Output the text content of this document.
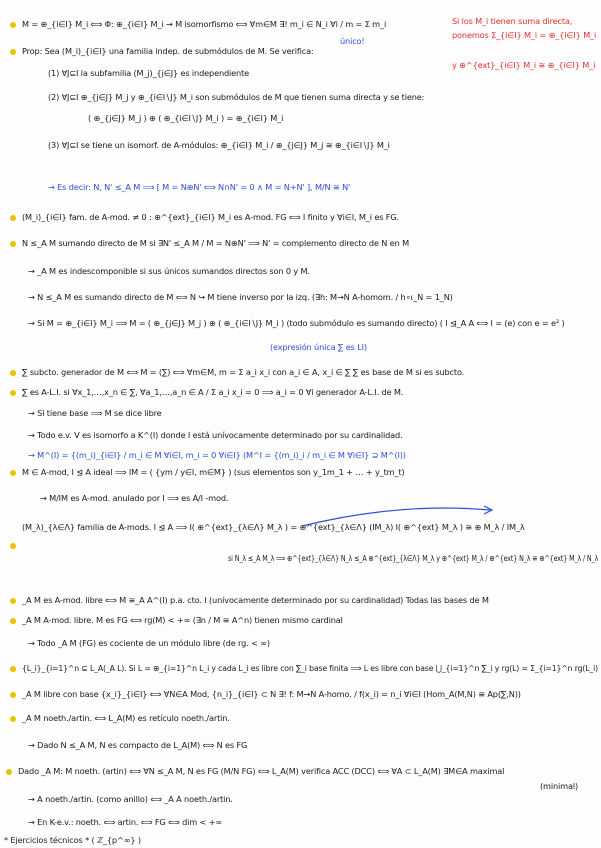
M = ⊕_{i∈I} M_i ⟺ Φ: ⊕_{i∈I} M_i → M isomorfismo ⟺ ∀m∈M ∃! m_i ∈ N_i ∀i / m = Σ m_i
Prop: Sea (M_i)_{i∈I} una familia indep. de submódulos de M. Se verifica:
(1) ∀J⊆I la subfamilia (M_j)_{j∈J} es independiente
(2) ∀J⊆I ⊕_{j∈J} M_j y ⊕_{i∈I∖J} M_i son submódulos de M que tienen suma directa y se tiene:
( ⊕_{j∈J} M_j ) ⊕ ( ⊕_{i∈I∖J} M_i ) = ⊕_{i∈I} M_i
(3) ∀J⊆I se tiene un isomorf. de A-módulos: ⊕_{i∈I} M_i / ⊕_{j∈J} M_j ≅ ⊕_{i∈I∖J} M_i
→ Es decir: N, N' ≤_A M ⟹ [ M = N⊕N' ⟺ N∩N' = 0 ∧ M = N+N' ], M/N ≅ N'
(M_i)_{i∈I} fam. de A-mod. ≠ 0 : ⊕^{ext}_{i∈I} M_i es A-mod. FG ⟺ I finito y ∀i∈I, M_i es FG.
N ≤_A M sumando directo de M si ∃N' ≤_A M / M = N⊕N' ⟹ N' = complemento directo de N en M
→ _A M es indescomponible si sus únicos sumandos directos son 0 y M.
→ N ≤_A M es sumando directo de M ⟺ N ↪ M tiene inverso por la izq. (∃h: M→N A-homom. / h∘ι_N = 1_N)
→ Si M = ⊕_{i∈I} M_i ⟹ M = ( ⊕_{j∈J} M_j ) ⊕ ( ⊕_{i∈I∖J} M_i ) (todo submódulo es sumando directo) ( I ⊴_A A ⟺ I = (e) con e = e² )
(expresión única ∑ es LI)
∑ subcto. generador de M ⟺ M = (∑) ⟺ ∀m∈M, m = Σ a_i x_i con a_i ∈ A, x_i ∈ ∑ ∑ es base de M si es subcto.
∑ es A-L.I. si ∀x_1,…,x_n ∈ ∑, ∀a_1,…,a_n ∈ A / Σ a_i x_i = 0 ⟹ a_i = 0 ∀i generador A-L.I. de M.
→ Si tiene base ⟹ M se dice libre
→ Todo e.v. V es isomorfo a K^(I) donde I está unívocamente determinado por su cardinalidad.
→ M^(I) = {(m_i)_{i∈I} / m_i ∈ M ∀i∈I, m_i = 0 ∀i∈I} (M^I = {(m_i)_i / m_i ∈ M ∀i∈I} ⊇ M^(I))
M ∈ A-mod, I ⊴ A ideal ⟹ IM = ( {ym / y∈I, m∈M} ) (sus elementos son y_1m_1 + … + y_tm_t)
→ M/IM es A-mod. anulado por I ⟹ es A/I -mod.
(M_λ)_{λ∈Λ} familia de A-mods. I ⊴ A ⟹ I( ⊕^{ext}_{λ∈Λ} M_λ ) = ⊕^{ext}_{λ∈Λ} (IM_λ) I( ⊕^{ext} M_λ ) ≅ ⊕ M_λ / IM_λ
si N_λ ≤_A M_λ ⟹ ⊕^{ext}_{λ∈Λ} N_λ ≤_A ⊕^{ext}_{λ∈Λ} M_λ y ⊕^{ext} M_λ / ⊕^{ext} N_λ ≅ ⊕^{ext} M_λ / N_λ
_A M es A-mod. libre ⟺ M ≅_A A^(I) p.a. cto. I (unívocamente determinado por su cardinalidad) Todas las bases de M
_A M A-mod. libre. M es FG ⟺ rg(M) < +∞ (∃n / M ≅ A^n) tienen mismo cardinal
→ Todo _A M (FG) es cociente de un módulo libre (de rg. < ∞)
{L_i}_{i=1}^n ⊆ L_A(_A L). Si L = ⊕_{i=1}^n L_i y cada L_i es libre con ∑_i base finita ⟹ L es libre con base ⋃_{i=1}^n ∑_i y rg(L) = Σ_{i=1}^n rg(L_i)
_A M libre con base {x_i}_{i∈I} ⟺ ∀N∈A Mod, {n_i}_{i∈I} ⊂ N ∃! f: M→N A-homo. / f(x_i) = n_i ∀i∈I (Hom_A(M,N) ≅ Ap(∑,N))
_A M noeth./artin. ⟺ L_A(M) es retículo noeth./artin.
→ Dado N ≤_A M, N es compacto de L_A(M) ⟺ N es FG
Dado _A M: M noeth. (artin) ⟺ ∀N ≤_A M, N es FG (M/N FG) ⟺ L_A(M) verifica ACC (DCC) ⟺ ∀A ⊂ L_A(M) ∃M∈A maximal
(minimal)
→ A noeth./artin. (como anillo) ⟺ _A A noeth./artin.
→ En K-e.v.: noeth. ⟺ artin. ⟺ FG ⟺ dim < +∞
* Ejercicios técnicos * ( ℤ_{p^∞} )
Si los M_i tienen suma directa, ponemos Σ_{i∈I} M_i = ⊕_{i∈I} M_i
y ⊕^{ext}_{i∈I} M_i ≅ ⊕_{i∈I} M_i
único!
